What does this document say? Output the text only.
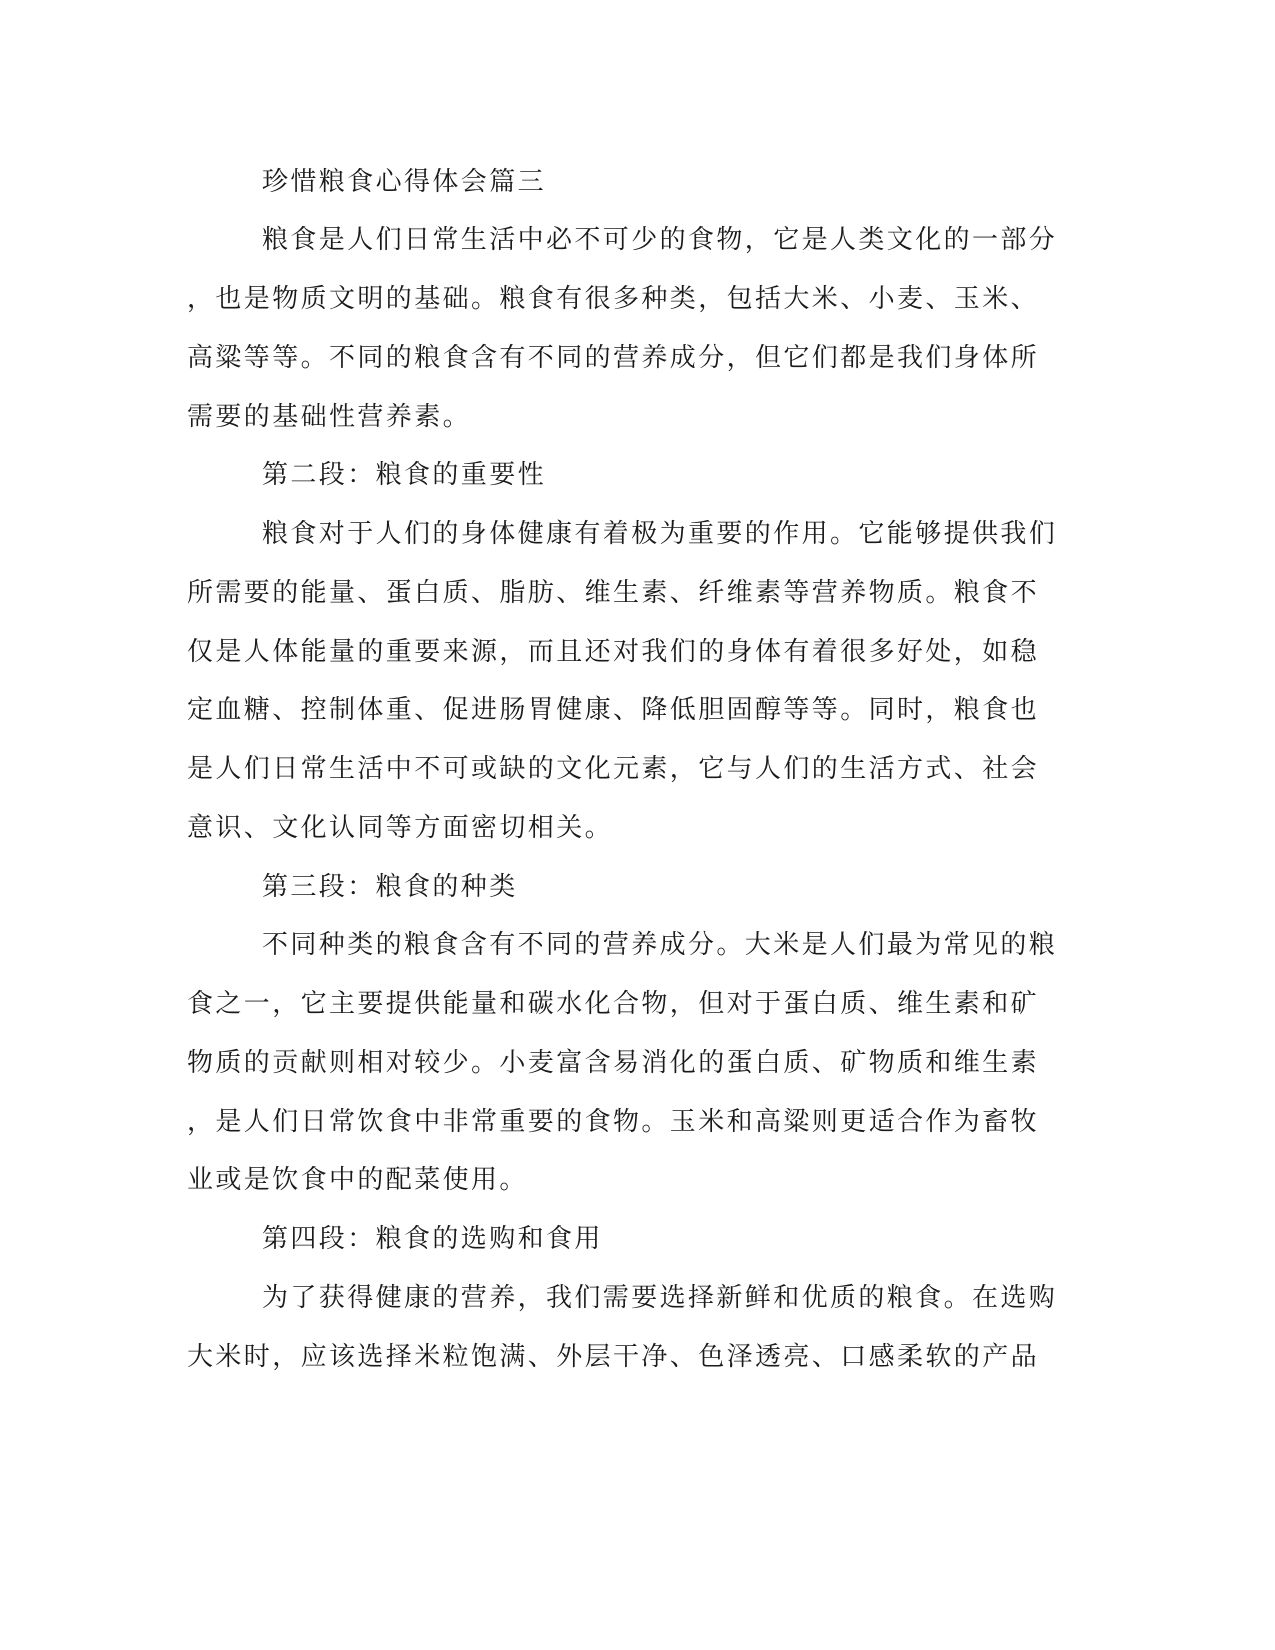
珍惜粮食心得体会篇三
粮食是人们日常生活中必不可少的食物，它是人类文化的一部分
，也是物质文明的基础。粮食有很多种类，包括大米、小麦、玉米、
高粱等等。不同的粮食含有不同的营养成分，但它们都是我们身体所
需要的基础性营养素。
第二段：粮食的重要性
粮食对于人们的身体健康有着极为重要的作用。它能够提供我们
所需要的能量、蛋白质、脂肪、维生素、纤维素等营养物质。粮食不
仅是人体能量的重要来源，而且还对我们的身体有着很多好处，如稳
定血糖、控制体重、促进肠胃健康、降低胆固醇等等。同时，粮食也
是人们日常生活中不可或缺的文化元素，它与人们的生活方式、社会
意识、文化认同等方面密切相关。
第三段：粮食的种类
不同种类的粮食含有不同的营养成分。大米是人们最为常见的粮
食之一，它主要提供能量和碳水化合物，但对于蛋白质、维生素和矿
物质的贡献则相对较少。小麦富含易消化的蛋白质、矿物质和维生素
，是人们日常饮食中非常重要的食物。玉米和高粱则更适合作为畜牧
业或是饮食中的配菜使用。
第四段：粮食的选购和食用
为了获得健康的营养，我们需要选择新鲜和优质的粮食。在选购
大米时，应该选择米粒饱满、外层干净、色泽透亮、口感柔软的产品
